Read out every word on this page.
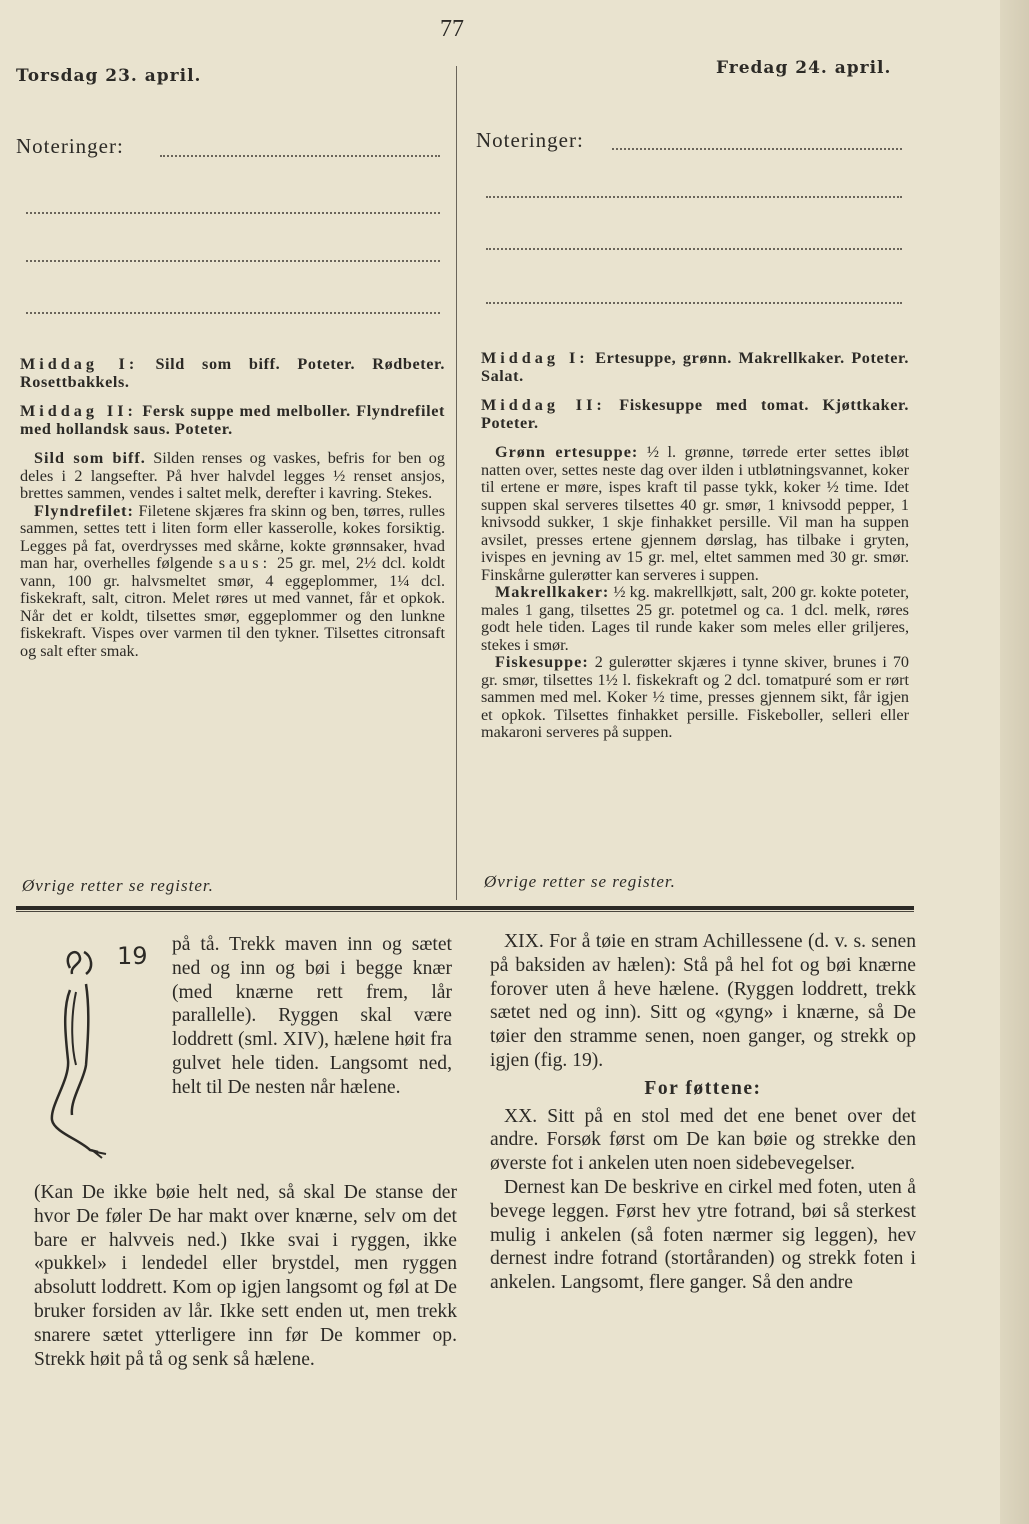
77
Torsdag 23. april.	Fredag 24. april.
Noteringer:	Noteringer:

Middag I: Sild som biff. Poteter. Rødbeter. Rosettbakkels.

Middag II: Fersk suppe med melboller. Flyndrefilet med hollandsk saus. Poteter.

Sild som biff. Silden renses og vaskes, befris for ben og deles i 2 langsefter. På hver halvdel legges ½ renset ansjos, brettes sammen, vendes i saltet melk, derefter i kavring. Stekes.

Flyndrefilet: Filetene skjæres fra skinn og ben, tørres, rulles sammen, settes tett i liten form eller kasserolle, kokes forsiktig. Legges på fat, overdrysses med skårne, kokte grønnsaker, hvad man har, overhelles følgende saus: 25 gr. mel, 2½ dcl. koldt vann, 100 gr. halvsmeltet smør, 4 eggeplommer, 1¼ dcl. fiskekraft, salt, citron. Melet røres ut med vannet, får et opkok. Når det er koldt, tilsettes smør, eggeplommer og den lunkne fiskekraft. Vispes over varmen til den tykner. Tilsettes citronsaft og salt efter smak.

Øvrige retter se register.

Middag I: Ertesuppe, grønn. Makrellkaker. Poteter. Salat.

Middag II: Fiskesuppe med tomat. Kjøttkaker. Poteter.

Grønn ertesuppe: ½ l. grønne, tørrede erter settes ibløt natten over, settes neste dag over ilden i utbløtningsvannet, koker til ertene er møre, ispes kraft til passe tykk, koker ½ time. Idet suppen skal serveres tilsettes 40 gr. smør, 1 knivsodd pepper, 1 knivsodd sukker, 1 skje finhakket persille. Vil man ha suppen avsilet, presses ertene gjennem dørslag, has tilbake i gryten, ivispes en jevning av 15 gr. mel, eltet sammen med 30 gr. smør. Finskårne gulerøtter kan serveres i suppen.

Makrellkaker: ½ kg. makrellkjøtt, salt, 200 gr. kokte poteter, males 1 gang, tilsettes 25 gr. potetmel og ca. 1 dcl. melk, røres godt hele tiden. Lages til runde kaker som meles eller griljeres, stekes i smør.

Fiskesuppe: 2 gulerøtter skjæres i tynne skiver, brunes i 70 gr. smør, tilsettes 1½ l. fiskekraft og 2 dcl. tomatpuré som er rørt sammen med mel. Koker ½ time, presses gjennem sikt, får igjen et opkok. Tilsettes finhakket persille. Fiskeboller, selleri eller makaroni serveres på suppen.

Øvrige retter se register.
19 på tå. Trekk maven inn og sætet ned og inn og bøi i begge knær (med knærne rett frem, lår parallelle). Ryggen skal være loddrett (sml. XIV), hælene høit fra gulvet hele tiden. Langsomt ned, helt til De nesten når hælene.
(Kan De ikke bøie helt ned, så skal De stanse der hvor De føler De har makt over knærne, selv om det bare er halvveis ned.) Ikke svai i ryggen, ikke «pukkel» i lendedel eller brystdel, men ryggen absolutt loddrett. Kom op igjen langsomt og føl at De bruker forsiden av lår. Ikke sett enden ut, men trekk snarere sætet ytterligere inn før De kommer op. Strekk høit på tå og senk så hælene.

XIX. For å tøie en stram Achillessene (d. v. s. senen på baksiden av hælen): Stå på hel fot og bøi knærne forover uten å heve hælene. (Ryggen loddrett, trekk sætet ned og inn). Sitt og «gyng» i knærne, så De tøier den stramme senen, noen ganger, og strekk op igjen (fig. 19).

For føttene:

XX. Sitt på en stol med det ene benet over det andre. Forsøk først om De kan bøie og strekke den øverste fot i ankelen uten noen sidebevegelser.

Dernest kan De beskrive en cirkel med foten, uten å bevege leggen. Først hev ytre fotrand, bøi så sterkest mulig i ankelen (så foten nærmer sig leggen), hev dernest indre fotrand (stortåranden) og strekk foten i ankelen. Langsomt, flere ganger. Så den andre
